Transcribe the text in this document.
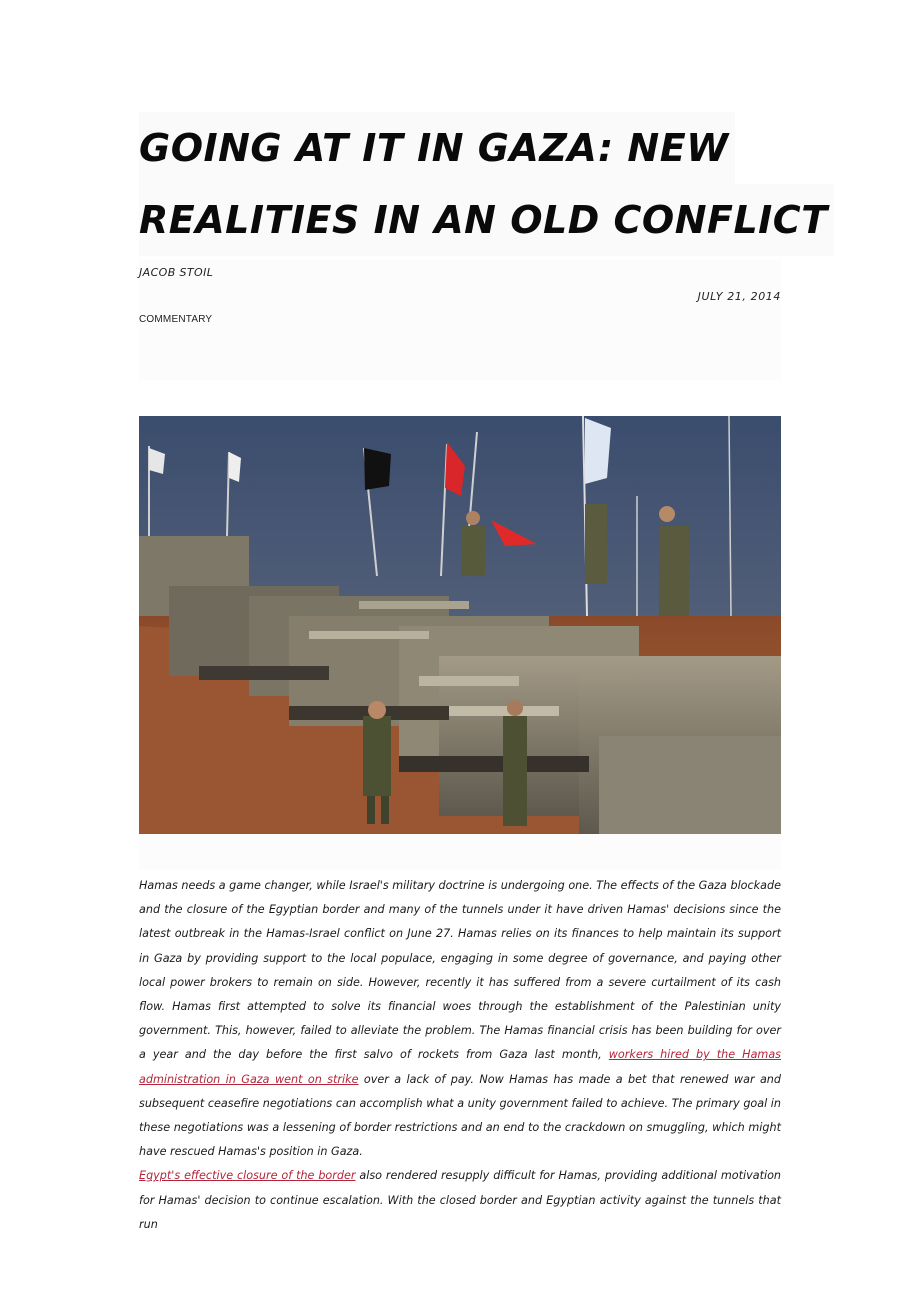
GOING AT IT IN GAZA: NEW
REALITIES IN AN OLD CONFLICT
JACOB STOIL
JULY 21, 2014
COMMENTARY

Hamas needs a game changer, while Israel's military doctrine is undergoing one. The effects of the Gaza blockade and the closure of the Egyptian border and many of the tunnels under it have driven Hamas' decisions since the latest outbreak in the Hamas-Israel conflict on June 27. Hamas relies on its finances to help maintain its support in Gaza by providing support to the local populace, engaging in some degree of governance, and paying other local power brokers to remain on side. However, recently it has suffered from a severe curtailment of its cash flow. Hamas first attempted to solve its financial woes through the establishment of the Palestinian unity government. This, however, failed to alleviate the problem. The Hamas financial crisis has been building for over a year and the day before the first salvo of rockets from Gaza last month, workers hired by the Hamas administration in Gaza went on strike over a lack of pay. Now Hamas has made a bet that renewed war and subsequent ceasefire negotiations can accomplish what a unity government failed to achieve. The primary goal in these negotiations was a lessening of border restrictions and an end to the crackdown on smuggling, which might have rescued Hamas's position in Gaza.

Egypt's effective closure of the border also rendered resupply difficult for Hamas, providing additional motivation for Hamas' decision to continue escalation. With the closed border and Egyptian activity against the tunnels that run
